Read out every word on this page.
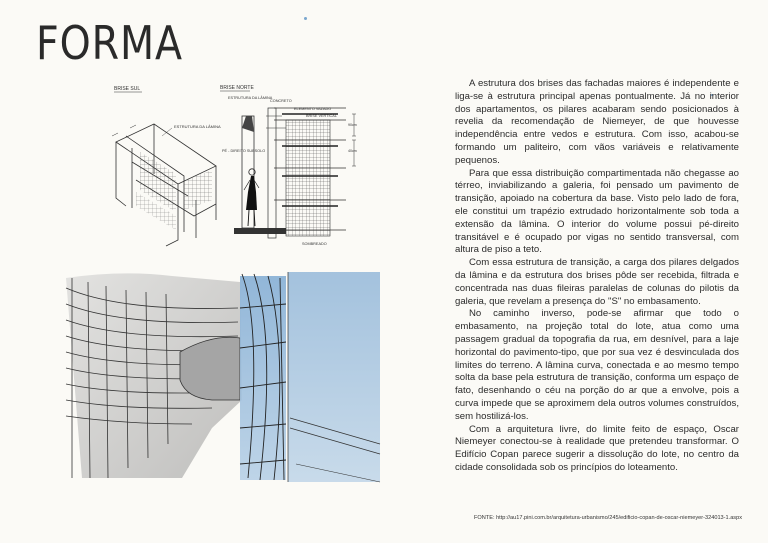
FORMA
BRISE SUL	BRISE NORTE
ESTRUTURA DA LÂMINA
ESTRUTURA DA LÂMINA
CONCRETO
ELEMENTO VAZADO
BRISE VERTICAL
PÉ - DIREITO SUBSOLO
90cm
40cm
SOMBREADO

A estrutura dos brises das fachadas maiores é independente e liga-se à estrutura principal apenas pontualmente. Já no interior dos apartamentos, os pilares acabaram sendo posicionados à revelia da recomendação de Niemeyer, de que houvesse independência entre vedos e estrutura. Com isso, acabou-se formando um paliteiro, com vãos variáveis e relativamente pequenos.

Para que essa distribuição compartimentada não chegasse ao térreo, inviabilizando a galeria, foi pensado um pavimento de transição, apoiado na cobertura da base. Visto pelo lado de fora, ele constitui um trapézio extrudado horizontalmente sob toda a extensão da lâmina. O interior do volume possui pé-direito transitável e é ocupado por vigas no sentido transversal, com altura de piso a teto.

Com essa estrutura de transição, a carga dos pilares delgados da lâmina e da estrutura dos brises pôde ser recebida, filtrada e concentrada nas duas fileiras paralelas de colunas do pilotis da galeria, que revelam a presença do "S" no embasamento.

No caminho inverso, pode-se afirmar que todo o embasamento, na projeção total do lote, atua como uma passagem gradual da topografia da rua, em desnível, para a laje horizontal do pavimento-tipo, que por sua vez é desvinculada dos limites do terreno. A lâmina curva, conectada e ao mesmo tempo solta da base pela estrutura de transição, conforma um espaço de fato, desenhando o céu na porção do ar que a envolve, pois a curva impede que se aproximem dela outros volumes construídos, sem hostilizá-los.

Com a arquitetura livre, do limite feito de espaço, Oscar Niemeyer conectou-se à realidade que pretendeu transformar. O Edifício Copan parece sugerir a dissolução do lote, no centro da cidade consolidada sob os princípios do loteamento.

FONTE: http://au17.pini.com.br/arquitetura-urbanismo/245/edificio-copan-de-oscar-niemeyer-324013-1.aspx
